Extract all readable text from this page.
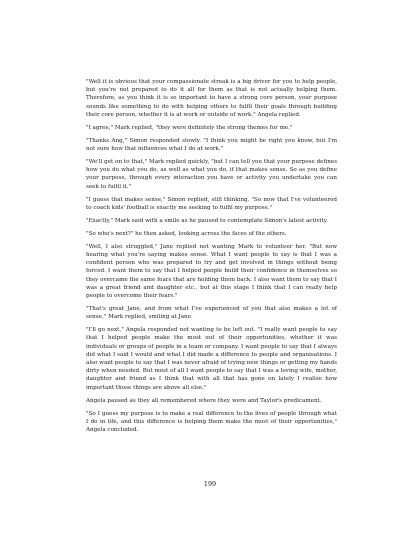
"Well it is obvious that your compassionate streak is a big driver for you to help people, but you're not prepared to do it all for them as that is not actually helping them. Therefore, as you think it is so important to have a strong core person, your purpose sounds like something to do with helping others to fulfil their goals through building their core person, whether it is at work or outside of work," Angela replied.

"I agree," Mark replied, "they were definitely the strong themes for me."

"Thanks Ang," Simon responded slowly. "I think you might be right you know, but I'm not sure how that influences what I do at work."

"We'll get on to that," Mark replied quickly, "but I can tell you that your purpose defines how you do what you do, as well as what you do, if that makes sense. So as you define your purpose, through every interaction you have or activity you undertake you can seek to fulfil it."

"I guess that makes sense," Simon replied, still thinking. "So now that I've volunteered to coach kids' football is exactly me seeking to fulfil my purpose."

"Exactly," Mark said with a smile as he paused to contemplate Simon's latest activity.

"So who's next?" he then asked, looking across the faces of the others.

"Well, I also struggled," Jane replied not wanting Mark to volunteer her. "But now hearing what you're saying makes sense. What I want people to say is that I was a confident person who was prepared to try and get involved in things without being forced. I want them to say that I helped people build their confidence in themselves so they overcame the same fears that are holding them back. I also want them to say that I was a great friend and daughter etc., but at this stage I think that I can really help people to overcome their fears."

"That's great Jane, and from what I've experienced of you that also makes a lot of sense," Mark replied, smiling at Jane.

"I'll go next," Angela responded not wanting to be left out. "I really want people to say that I helped people make the most out of their opportunities, whether it was individuals or groups of people in a team or company. I want people to say that I always did what I said I would and what I did made a difference to people and organisations. I also want people to say that I was never afraid of trying new things or getting my hands dirty when needed. But most of all I want people to say that I was a loving wife, mother, daughter and friend as I think that with all that has gone on lately I realise how important those things are above all else."

Angela paused as they all remembered where they were and Taylor's predicament.

"So I guess my purpose is to make a real difference to the lives of people through what I do in life, and this difference is helping them make the most of their opportunities," Angela concluded.

199
